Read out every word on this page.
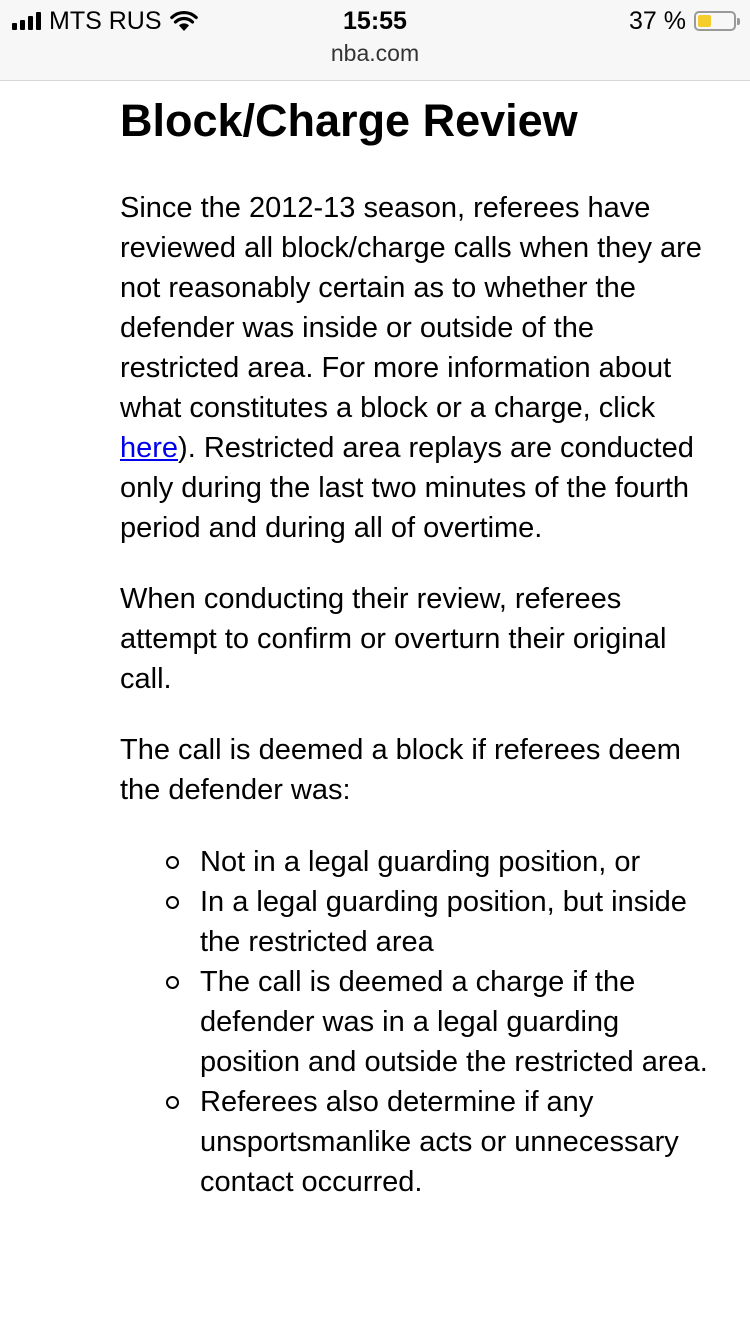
MTS RUS	15:55
nba.com
37 %
Block/Charge Review

Since the 2012-13 season, referees have reviewed all block/charge calls when they are not reasonably certain as to whether the defender was inside or outside of the restricted area. For more information about what constitutes a block or a charge, click here). Restricted area replays are conducted only during the last two minutes of the fourth period and during all of overtime.

When conducting their review, referees attempt to confirm or overturn their original call.

The call is deemed a block if referees deem the defender was:

Not in a legal guarding position, or
In a legal guarding position, but inside the restricted area
The call is deemed a charge if the defender was in a legal guarding position and outside the restricted area.
Referees also determine if any unsportsmanlike acts or unnecessary contact occurred.
